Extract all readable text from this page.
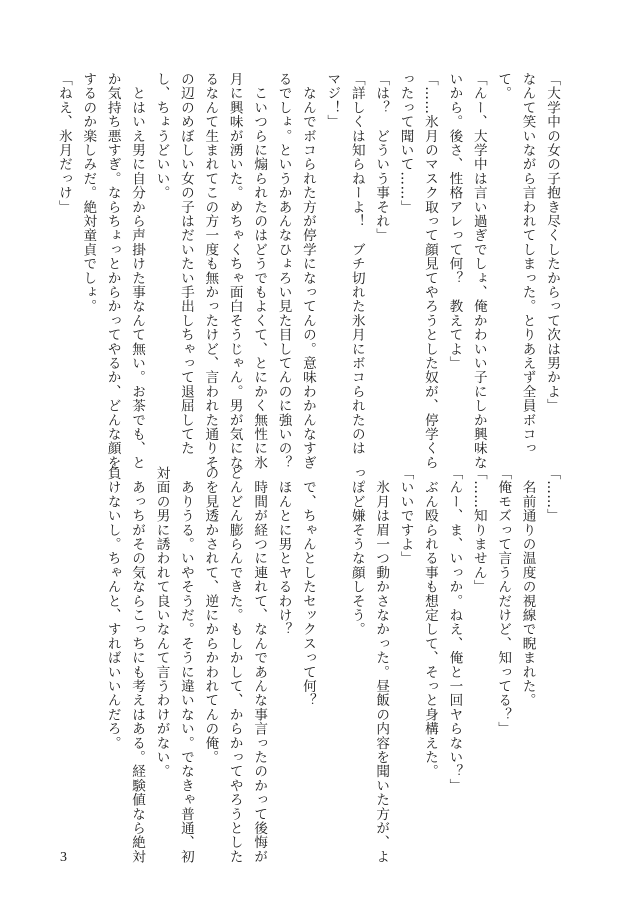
「大学中の女の子抱き尽くしたからって次は男かよ」
なんて笑いながら言われてしまった。とりあえず全員ボコっ
て。
「んー、大学中は言い過ぎでしょ、俺かわいい子にしか興味な
いから。後さ、性格アレって何？　教えてよ」
「……氷月のマスク取って顔見てやろうとした奴が、停学くら
ったって聞いて……」
「は？　どういう事それ」
「詳しくは知らねーよ！　ブチ切れた氷月にボコられたのは
マジ！」
　なんでボコられた方が停学になってんの。意味わかんなすぎ
るでしょ。というかあんなひょろい見た目してんのに強いの？
　こいつらに煽られたのはどうでもよくて、とにかく無性に氷
月に興味が湧いた。めちゃくちゃ面白そうじゃん。男が気にな
るなんて生まれてこの方一度も無かったけど、言われた通りそ
の辺のめぼしい女の子はだいたい手出しちゃって退屈してた
し、ちょうどいい。
　とはいえ男に自分から声掛けた事なんて無い。お茶でも、と
か気持ち悪すぎ。ならちょっとからかってやるか、どんな顔を
するのか楽しみだ。絶対童貞でしょ。
「ねえ、氷月だっけ」
「……」
　名前通りの温度の視線で睨まれた。
「俺モズって言うんだけど、知ってる？」
「……知りません」
「んー、ま、いっか。ねえ、俺と一回ヤらない？」
　ぶん殴られる事も想定して、そっと身構えた。
「いいですよ」
　氷月は眉一つ動かさなかった。昼飯の内容を聞いた方が、よ
っぽど嫌そうな顔しそう。

　で、ちゃんとしたセックスって何？
　ほんとに男とヤるわけ？
　時間が経つに連れて、なんであんな事言ったのかって後悔が
どんどん膨らんできた。もしかして、からかってやろうとした
のを見透かされて、逆にからかわれてんの俺。
　ありうる。いやそうだ。そうに違いない。でなきゃ普通、初
対面の男に誘われて良いなんて言うわけがない。
　あっちがその気ならこっちにも考えはある。経験値なら絶対
負けないし。ちゃんと、すればいいんだろ。
3
